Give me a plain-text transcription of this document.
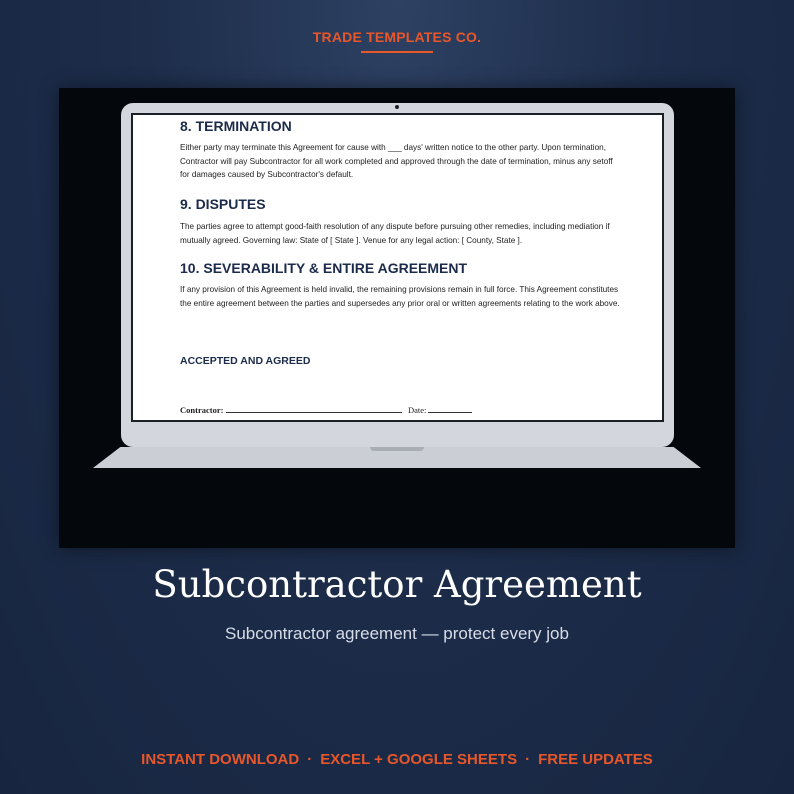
TRADE TEMPLATES CO.
8. TERMINATION
Either party may terminate this Agreement for cause with ___ days' written notice to the other party. Upon termination, Contractor will pay Subcontractor for all work completed and approved through the date of termination, minus any setoff for damages caused by Subcontractor's default.
9. DISPUTES
The parties agree to attempt good-faith resolution of any dispute before pursuing other remedies, including mediation if mutually agreed. Governing law: State of [ State ]. Venue for any legal action: [ County, State ].
10. SEVERABILITY & ENTIRE AGREEMENT
If any provision of this Agreement is held invalid, the remaining provisions remain in full force. This Agreement constitutes the entire agreement between the parties and supersedes any prior oral or written agreements relating to the work above.
ACCEPTED AND AGREED
Contractor:	Date:
Subcontractor Agreement
Subcontractor agreement — protect every job
INSTANT DOWNLOAD · EXCEL + GOOGLE SHEETS · FREE UPDATES
